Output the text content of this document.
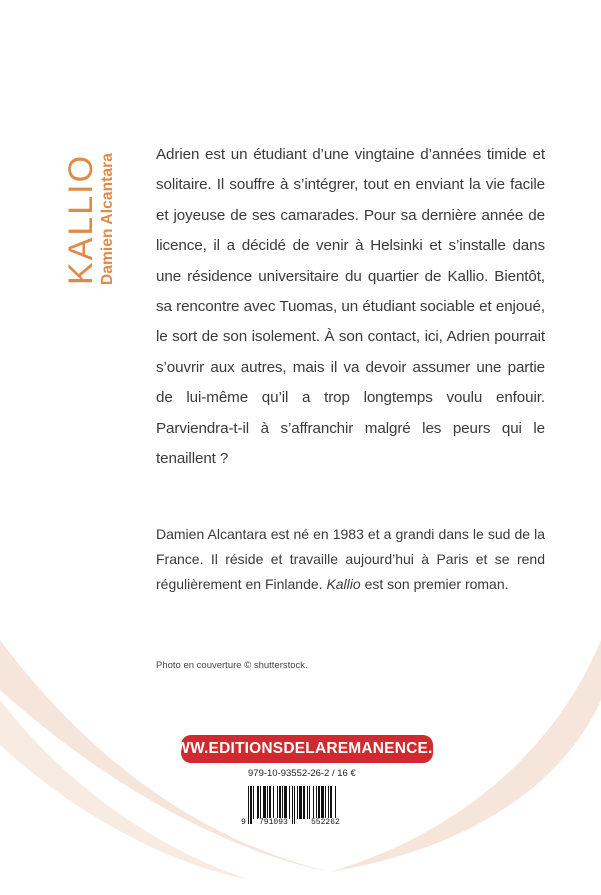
KALLIO Damien Alcantara	Adrien est un étudiant d’une vingtaine d’années timide et solitaire. Il souffre à s’intégrer, tout en enviant la vie facile et joyeuse de ses camarades. Pour sa dernière année de licence, il a décidé de venir à Helsinki et s’installe dans une résidence universitaire du quartier de Kallio. Bientôt, sa rencontre avec Tuomas, un étudiant sociable et enjoué, le sort de son isolement. À son contact, ici, Adrien pourrait s’ouvrir aux autres, mais il va devoir assumer une partie de lui-même qu’il a trop longtemps voulu enfouir. Parviendra-t-il à s’affranchir malgré les peurs qui le tenaillent ?

Damien Alcantara est né en 1983 et a grandi dans le sud de la France. Il réside et travaille aujourd’hui à Paris et se rend régulièrement en Finlande. Kallio est son premier roman.

Photo en couverture © shutterstock.
WWW.EDITIONSDELAREMANENCE.FR
979-10-93552-26-2 / 16 €
9 791093	552262
